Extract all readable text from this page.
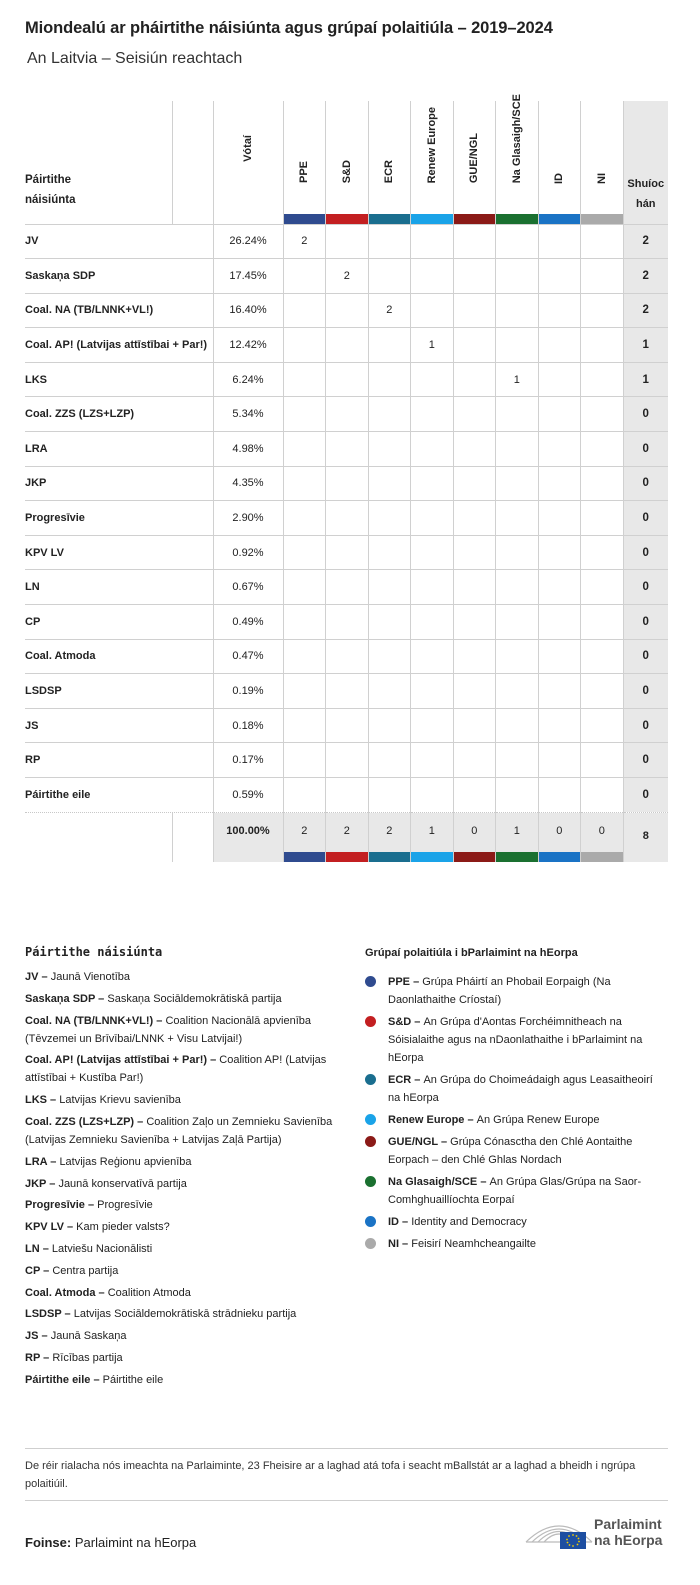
Miondealú ar pháirtithe náisiúnta agus grúpaí polaitiúla – 2019–2024
An Laitvia – Seisiún reachtach
Páirtithe náisiúnta	Vótaí	PPE	S&D	ECR	Renew Europe	GUE/NGL	Na Glasaigh/SCE	ID	NI	Shuíoc
hán

JV	26.24%	2								2
Saskaņa SDP	17.45%		2							2
Coal. NA (TB/LNNK+VL!)	16.40%			2						2
Coal. AP! (Latvijas attīstībai + Par!)	12.42%				1					1
LKS	6.24%						1			1
Coal. ZZS (LZS+LZP)	5.34%									0
LRA	4.98%									0
JKP	4.35%									0
Progresīvie	2.90%									0
KPV LV	0.92%									0
LN	0.67%									0
CP	0.49%									0
Coal. Atmoda	0.47%									0
LSDSP	0.19%									0
JS	0.18%									0
RP	0.17%									0
Páirtithe eile	0.59%									0

	100.00%	2	2	2	1	0	1	0	0	8
Páirtithe náisiúnta
JV – Jaunā Vienotība
Saskaņa SDP – Saskaņa Sociāldemokrātiskā partija
Coal. NA (TB/LNNK+VL!) – Coalition Nacionālā apvienība (Tēvzemei un Brīvībai/LNNK + Visu Latvijai!)
Coal. AP! (Latvijas attīstībai + Par!) – Coalition AP! (Latvijas attīstībai + Kustība Par!)
LKS – Latvijas Krievu savienība
Coal. ZZS (LZS+LZP) – Coalition Zaļo un Zemnieku Savienība (Latvijas Zemnieku Savienība + Latvijas Zaļā Partija)
LRA – Latvijas Reģionu apvienība
JKP – Jaunā konservatīvā partija
Progresīvie – Progresīvie
KPV LV – Kam pieder valsts?
LN – Latviešu Nacionālisti
CP – Centra partija
Coal. Atmoda – Coalition Atmoda
LSDSP – Latvijas Sociāldemokrātiskā strādnieku partija
JS – Jaunā Saskaņa
RP – Rīcības partija
Páirtithe eile – Páirtithe eile
Grúpaí polaitiúla i bParlaimint na hEorpa
PPE – Grúpa Pháirtí an Phobail Eorpaigh (Na Daonlathaithe Críostaí)
S&D – An Grúpa d'Aontas Forchéimnitheach na Sóisialaithe agus na nDaonlathaithe i bParlaimint na hEorpa
ECR – An Grúpa do Choimeádaigh agus Leasaitheoirí na hEorpa
Renew Europe – An Grúpa Renew Europe
GUE/NGL – Grúpa Cónasctha den Chlé Aontaithe Eorpach – den Chlé Ghlas Nordach
Na Glasaigh/SCE – An Grúpa Glas/Grúpa na Saor-Comhghuaillíochta Eorpaí
ID – Identity and Democracy
NI – Feisirí Neamhcheangailte
De réir rialacha nós imeachta na Parlaiminte, 23 Fheisire ar a laghad atá tofa i seacht mBallstát ar a laghad a bheidh i ngrúpa polaitiúil.
Foinse: Parlaimint na hEorpa
Parlaimint
na hEorpa
